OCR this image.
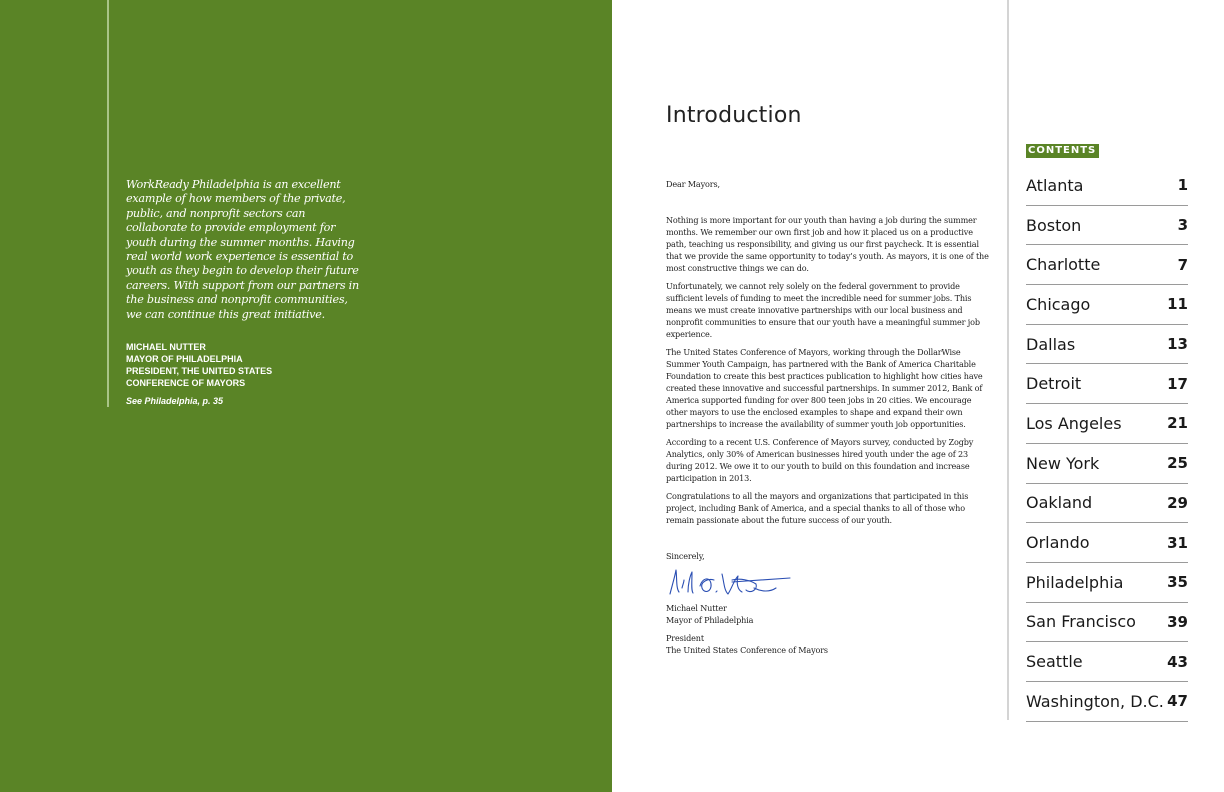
WorkReady Philadelphia is an excellent example of how members of the private, public, and nonprofit sectors can collaborate to provide employment for youth during the summer months. Having real world work experience is essential to youth as they begin to develop their future careers. With support from our partners in the business and nonprofit communities, we can continue this great initiative.
MICHAEL NUTTER
MAYOR OF PHILADELPHIA
PRESIDENT, THE UNITED STATES
CONFERENCE OF MAYORS
See Philadelphia, p. 35
Introduction

Dear Mayors,

Nothing is more important for our youth than having a job during the summer months. We remember our own first job and how it placed us on a productive path, teaching us responsibility, and giving us our first paycheck. It is essential that we provide the same opportunity to today’s youth. As mayors, it is one of the most constructive things we can do.

Unfortunately, we cannot rely solely on the federal government to provide sufficient levels of funding to meet the incredible need for summer jobs. This means we must create innovative partnerships with our local business and nonprofit communities to ensure that our youth have a meaningful summer job experience.

The United States Conference of Mayors, working through the DollarWise Summer Youth Campaign, has partnered with the Bank of America Charitable Foundation to create this best practices publication to highlight how cities have created these innovative and successful partnerships. In summer 2012, Bank of America supported funding for over 800 teen jobs in 20 cities. We encourage other mayors to use the enclosed examples to shape and expand their own partnerships to increase the availability of summer youth job opportunities.

According to a recent U.S. Conference of Mayors survey, conducted by Zogby Analytics, only 30% of American businesses hired youth under the age of 23 during 2012. We owe it to our youth to build on this foundation and increase participation in 2013.

Congratulations to all the mayors and organizations that participated in this project, including Bank of America, and a special thanks to all of those who remain passionate about the future success of our youth.

Sincerely,

Michael Nutter
Mayor of Philadelphia

President
The United States Conference of Mayors

CONTENTS
Atlanta	1
Boston	3
Charlotte	7
Chicago	11
Dallas	13
Detroit	17
Los Angeles	21
New York	25
Oakland	29
Orlando	31
Philadelphia	35
San Francisco 39
Seattle	43
Washington, D.C. 47
